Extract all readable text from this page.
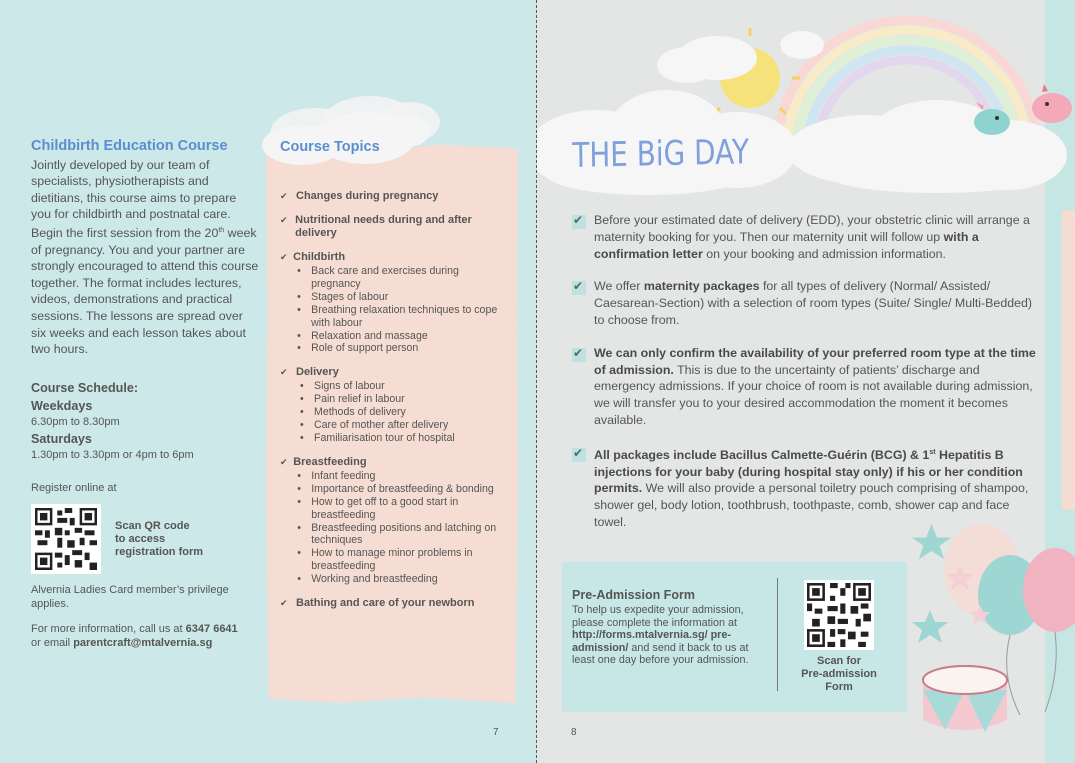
Childbirth Education Course

Jointly developed by our team of specialists, physiotherapists and dietitians, this course aims to prepare you for childbirth and postnatal care. Begin the first session from the 20th week of pregnancy. You and your partner are strongly encouraged to attend this course together. The format includes lectures, videos, demonstrations and practical sessions. The lessons are spread over six weeks and each lesson takes about two hours.

Course Schedule:
Weekdays
6.30pm to 8.30pm
Saturdays
1.30pm to 3.30pm or 4pm to 6pm
Register online at
Scan QR code
to access
registration form
Alvernia Ladies Card member’s privilege applies.
For more information, call us at 6347 6641
or email parentcraft@mtalvernia.sg
Course Topics
✔ Changes during pregnancy
✔ Nutritional needs during and after delivery
✔ Childbirth
• Back care and exercises during pregnancy
• Stages of labour
• Breathing relaxation techniques to cope with labour
• Relaxation and massage
• Role of support person
✔ Delivery
• Signs of labour
• Pain relief in labour
• Methods of delivery
• Care of mother after delivery
• Familiarisation tour of hospital
✔ Breastfeeding
• Infant feeding
• Importance of breastfeeding & bonding
• How to get off to a good start in breastfeeding
• Breastfeeding positions and latching on techniques
• How to manage minor problems in breastfeeding
• Working and breastfeeding
✔ Bathing and care of your newborn
7
THE BiG DAY
✔
Before your estimated date of delivery (EDD), your obstetric clinic will arrange a maternity booking for you. Then our maternity unit will follow up with a confirmation letter on your booking and admission information.
✔
We offer maternity packages for all types of delivery (Normal/ Assisted/ Caesarean-Section) with a selection of room types (Suite/ Single/ Multi-Bedded) to choose from.
✔
We can only confirm the availability of your preferred room type at the time of admission. This is due to the uncertainty of patients’ discharge and emergency admissions. If your choice of room is not available during admission, we will transfer you to your desired accommodation the moment it becomes available.
✔
All packages include Bacillus Calmette-Guérin (BCG) & 1st Hepatitis B injections for your baby (during hospital stay only) if his or her condition permits. We will also provide a personal toiletry pouch comprising of shampoo, shower gel, body lotion, toothbrush, toothpaste, comb, shower cap and face towel.
Pre-Admission Form
To help us expedite your admission, please complete the information at http://forms.mtalvernia.sg/ pre-admission/ and send it back to us at least one day before your admission.	Scan for
Pre-admission
Form
8
